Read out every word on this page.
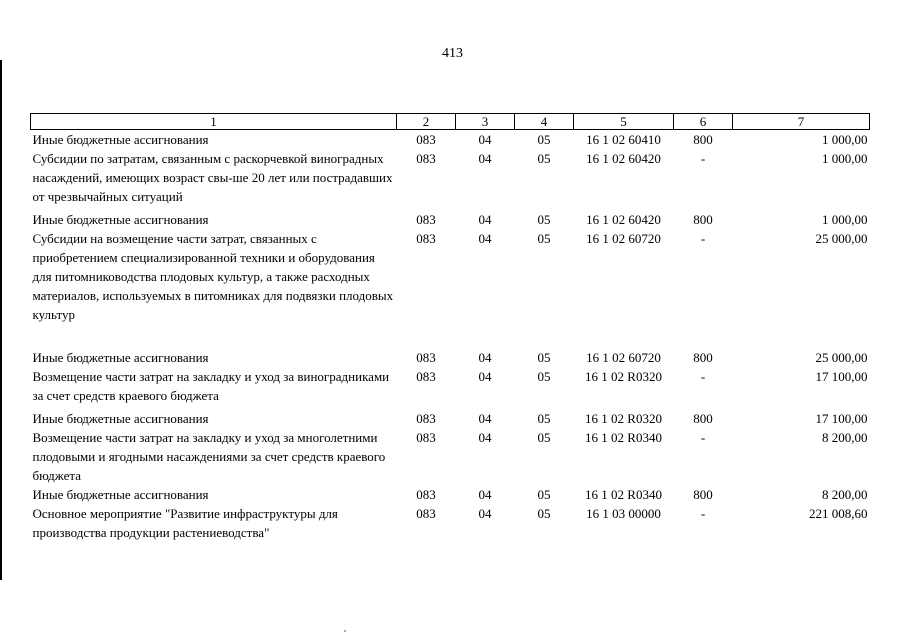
413
1	2	3	4	5	6	7
Иные бюджетные ассигнования	083	04	05	16 1 02 60410	800	1 000,00
Субсидии по затратам, связанным с раскорчевкой виноградных насаждений, имеющих возраст свы-ше 20 лет или пострадавших от чрезвычайных ситуаций	083	04	05	16 1 02 60420	-	1 000,00
Иные бюджетные ассигнования	083	04	05	16 1 02 60420	800	1 000,00
Субсидии на возмещение части затрат, связанных с приобретением специализированной техники и оборудования для питомниководства плодовых культур, а также расходных материалов, используемых в питомниках для подвязки плодовых культур	083	04	05	16 1 02 60720	-	25 000,00
Иные бюджетные ассигнования	083	04	05	16 1 02 60720	800	25 000,00
Возмещение части затрат на закладку и уход за виноградниками за счет средств краевого бюджета	083	04	05	16 1 02 R0320	-	17 100,00
Иные бюджетные ассигнования	083	04	05	16 1 02 R0320	800	17 100,00
Возмещение части затрат на закладку и уход за многолетними плодовыми и ягодными насаждениями за счет средств краевого бюджета	083	04	05	16 1 02 R0340	-	8 200,00
Иные бюджетные ассигнования	083	04	05	16 1 02 R0340	800	8 200,00
Основное мероприятие "Развитие инфраструктуры для производства продукции растениеводства"	083	04	05	16 1 03 00000	-	221 008,60
